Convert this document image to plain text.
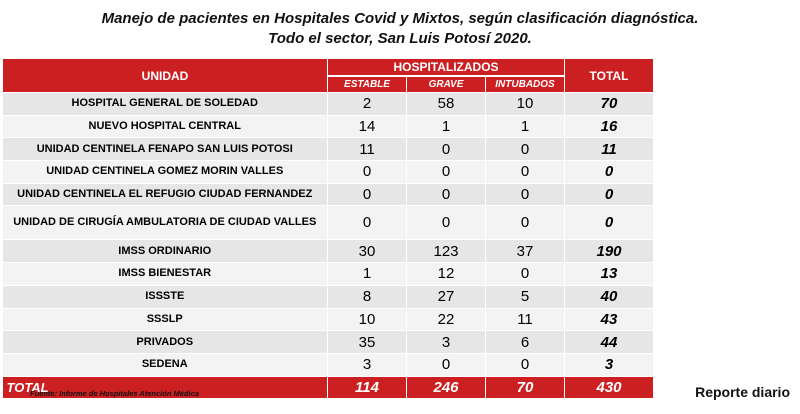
Manejo de pacientes en Hospitales Covid y Mixtos, según clasificación diagnóstica.
Todo el sector, San Luis Potosí 2020.
UNIDAD	HOSPITALIZADOS			TOTAL
	ESTABLE	GRAVE	INTUBADOS	
HOSPITAL GENERAL DE SOLEDAD	2	58	10	70
NUEVO HOSPITAL CENTRAL	14	1	1	16
UNIDAD CENTINELA FENAPO SAN LUIS POTOSI	11	0	0	11
UNIDAD CENTINELA GOMEZ MORIN VALLES	0	0	0	0
UNIDAD CENTINELA EL REFUGIO CIUDAD FERNANDEZ	0	0	0	0
UNIDAD DE CIRUGÍA AMBULATORIA DE CIUDAD VALLES	0	0	0	0
IMSS ORDINARIO	30	123	37	190
IMSS BIENESTAR	1	12	0	13
ISSSTE	8	27	5	40
SSSLP	10	22	11	43
PRIVADOS	35	3	6	44
SEDENA	3	0	0	3
TOTAL	114	246	70	430
Fuente: Informe de Hospitales Atención Médica	Reporte diario
